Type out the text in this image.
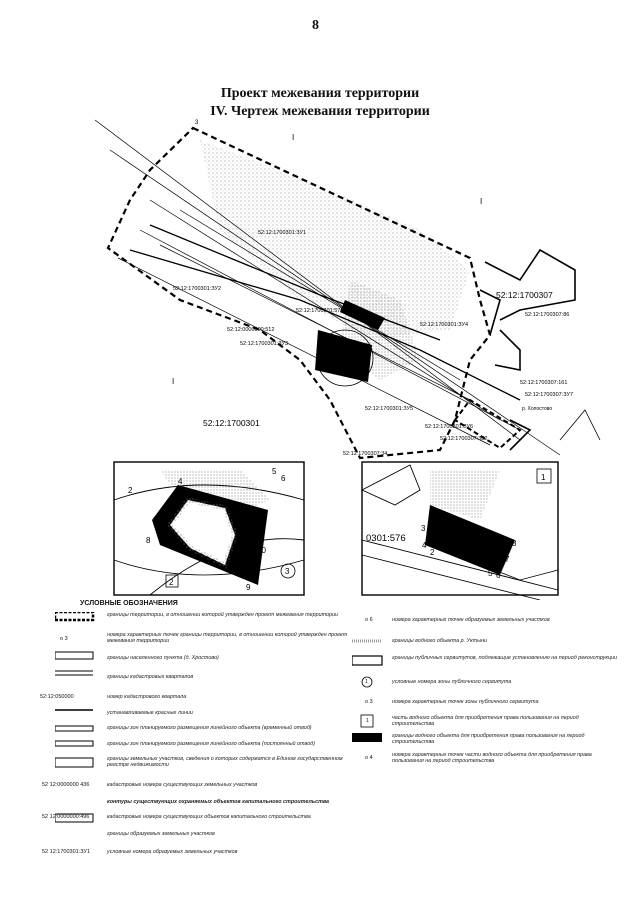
8
Проект межевания территории
IV. Чертеж межевания территории
52:12:1700301:ЗУ1
52:12:1700301:ЗУ2
52:12:1700301:576
52:12:0000000:512
52:12:1700301:ЗУ3
52:12:1700301:ЗУ4
52:12:1700301:ЗУ5
52:12:1700301:ЗУ6
52:12:1700307
52:12:1700307:86
52:12:1700307:161
52:12:1700307:ЗУ7
52:12:1700307:382
52:12:1700307:34
52:12:1700301
I
I
I
3
р. Холостово
2
4
5
6
3 2
8	1
10
9
2
3
1
0301:576
3
4
2
8
7
5 6
УСЛОВНЫЕ ОБОЗНАЧЕНИЯ
границы территории, в отношении которой утвержден проект межевания территории
о 3
номера характерных точек границы территории, в отношении которой утвержден проект межевания территории
границы населенного пункта (д. Хростово)
границы кадастровых кварталов
52:12:050000	номер кадастрового квартала
устанавливаемые красные линии
границы зон планируемого размещения линейного объекта (временный отвод)
границы зон планируемого размещения линейного объекта (постоянный отвод)
границы земельных участков, сведения о которых содержатся в Едином государственном реестре недвижимости
52 12:0000000 436	кадастровые номера существующих земельных участков
контуры существующих охраняемых объектов капитального строительства
52 12:0000000:496	кадастровые номера существующих объектов капитального строительства
границы образуемых земельных участков
52 12:1700301:ЗУ1	условные номера образуемых земельных участков
о 6	номера характерных точек образуемых земельных участков
границы водного объекта р. Уктыни
границы публичных сервитутов, подлежащие установлению на период реконструкции
1	условные номера зоны публичного сервитута
о 3	номера характерных точек зоны публичного сервитута
1	часть водного объекта для приобретения права пользования на период строительства
границы водного объекта для приобретения права пользования на период строительства
о 4	номера характерных точек части водного объекта для приобретения права пользования на период строительства
